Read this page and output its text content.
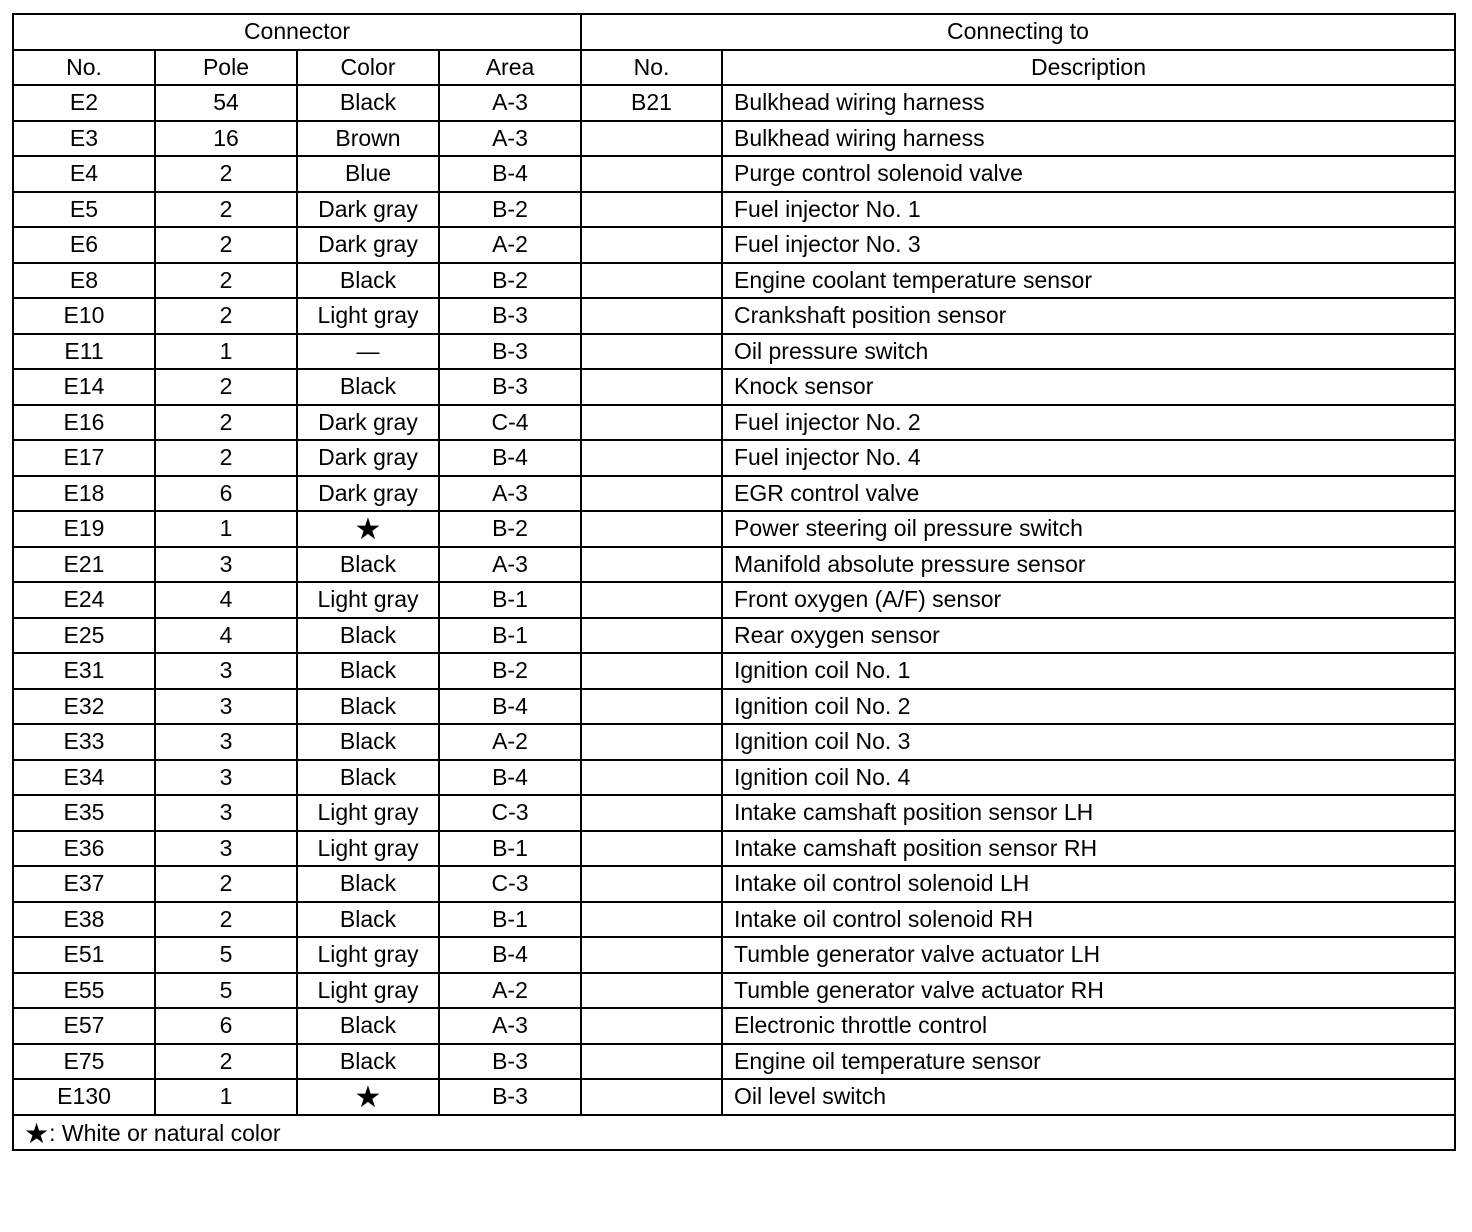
Connector				Connecting to	
No.	Pole	Color	Area	No.	Description
E2	54	Black	A-3	B21	Bulkhead wiring harness
E3	16	Brown	A-3		Bulkhead wiring harness
E4	2	Blue	B-4		Purge control solenoid valve
E5	2	Dark gray	B-2		Fuel injector No. 1
E6	2	Dark gray	A-2		Fuel injector No. 3
E8	2	Black	B-2		Engine coolant temperature sensor
E10	2	Light gray	B-3		Crankshaft position sensor
E11	1	—	B-3		Oil pressure switch
E14	2	Black	B-3		Knock sensor
E16	2	Dark gray	C-4		Fuel injector No. 2
E17	2	Dark gray	B-4		Fuel injector No. 4
E18	6	Dark gray	A-3		EGR control valve
E19	1	★	B-2		Power steering oil pressure switch
E21	3	Black	A-3		Manifold absolute pressure sensor
E24	4	Light gray	B-1		Front oxygen (A/F) sensor
E25	4	Black	B-1		Rear oxygen sensor
E31	3	Black	B-2		Ignition coil No. 1
E32	3	Black	B-4		Ignition coil No. 2
E33	3	Black	A-2		Ignition coil No. 3
E34	3	Black	B-4		Ignition coil No. 4
E35	3	Light gray	C-3		Intake camshaft position sensor LH
E36	3	Light gray	B-1		Intake camshaft position sensor RH
E37	2	Black	C-3		Intake oil control solenoid LH
E38	2	Black	B-1		Intake oil control solenoid RH
E51	5	Light gray	B-4		Tumble generator valve actuator LH
E55	5	Light gray	A-2		Tumble generator valve actuator RH
E57	6	Black	A-3		Electronic throttle control
E75	2	Black	B-3		Engine oil temperature sensor
E130	1	★	B-3		Oil level switch
★: White or natural color					
